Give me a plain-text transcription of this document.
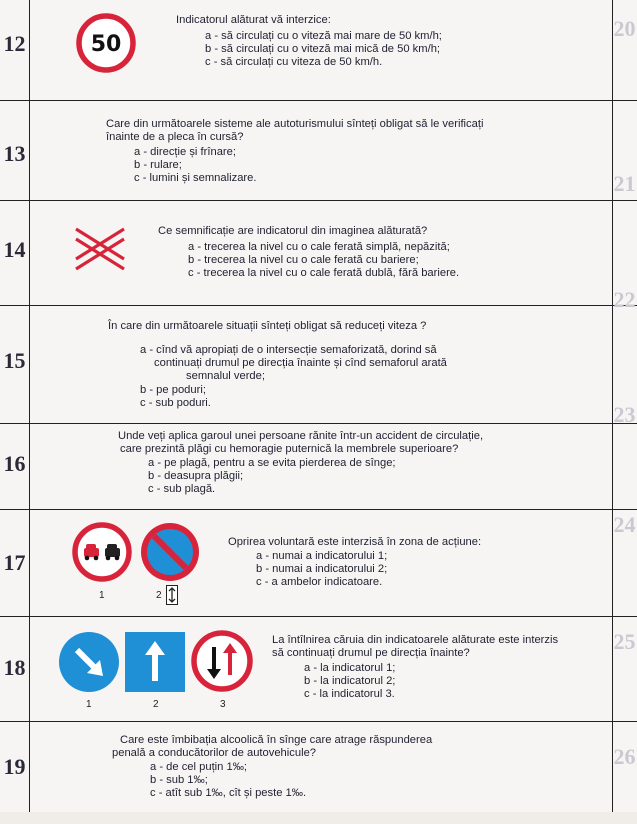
12	50
Indicatorul alăturat vă interzice:
a - să circulați cu o viteză mai mare de 50 km/h;
b - să circulați cu o viteză mai mică de 50 km/h;
c - să circulați cu viteza de 50 km/h.
20
13
Care din următoarele sisteme ale autoturismului sînteți obligat să le verificați
înainte de a pleca în cursă?
a - direcție și frînare;
b - rulare;
c - lumini și semnalizare.	21
14
Ce semnificație are indicatorul din imaginea alăturată?
a - trecerea la nivel cu o cale ferată simplă, nepăzită;
b - trecerea la nivel cu o cale ferată cu bariere;
c - trecerea la nivel cu o cale ferată dublă, fără bariere.
22
15
În care din următoarele situații sînteți obligat să reduceți viteza ?
a - cînd vă apropiați de o intersecție semaforizată, dorind să
continuați drumul pe direcția înainte și cînd semaforul arată
semnalul verde;
b - pe poduri;
c - sub poduri.	23
16
Unde veți aplica garoul unei persoane rănite într-un accident de circulație,
care prezintă plăgi cu hemoragie puternică la membrele superioare?
a - pe plagă, pentru a se evita pierderea de sînge;
b - deasupra plăgii;
c - sub plagă.
17
1	2
Oprirea voluntară este interzisă în zona de acțiune:
a - numai a indicatorului 1;
b - numai a indicatorului 2;
c - a ambelor indicatoare.
24
18
1	2	3
La întîlnirea căruia din indicatoarele alăturate este interzis
să continuați drumul pe direcția înainte?
a - la indicatorul 1;
b - la indicatorul 2;
c - la indicatorul 3.
25
19
Care este îmbibația alcoolică în sînge care atrage răspunderea
penală a conducătorilor de autovehicule?
a - de cel puțin 1‰;
b - sub 1‰;
c - atît sub 1‰, cît și peste 1‰.
26
